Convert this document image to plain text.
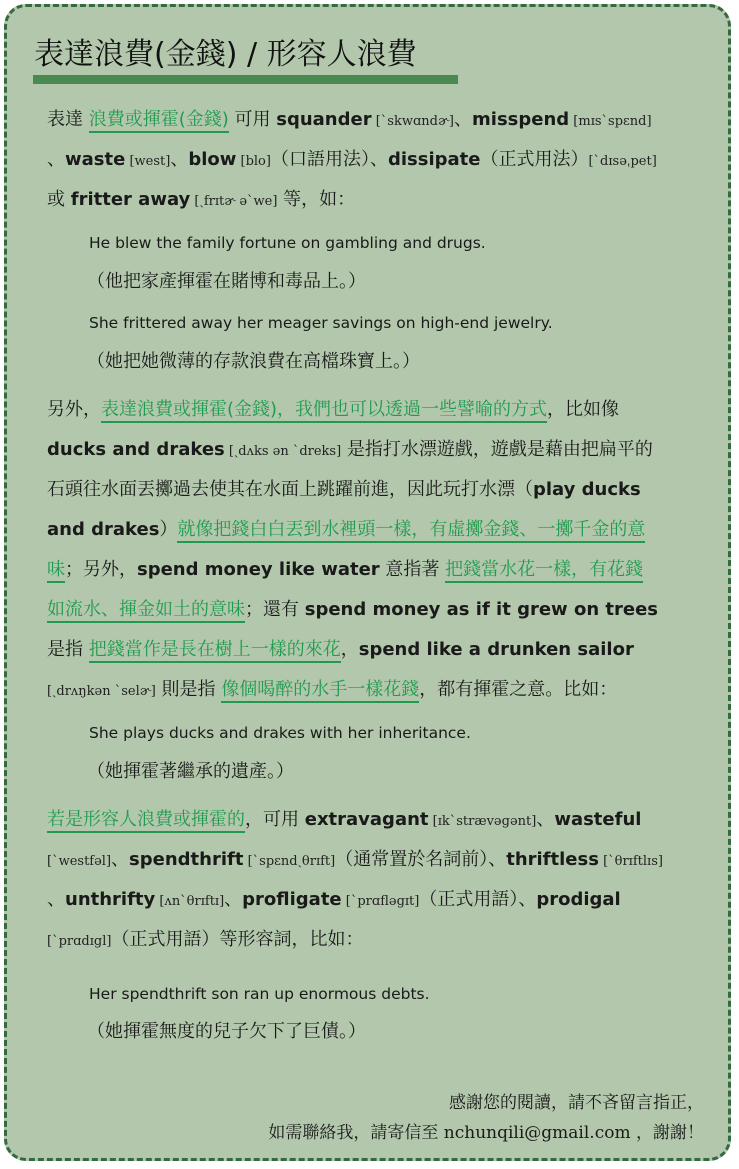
表達浪費(金錢) / 形容人浪費
表達 浪費或揮霍(金錢) 可用 squander [ˋskwɑndɚ]、misspend [mɪsˋspɛnd]
、waste [west]、blow [blo]（口語用法）、dissipate（正式用法）[ˋdɪsəˌpet]
或 fritter away [ˏfrɪtɚ əˋwe] 等，如：
He blew the family fortune on gambling and drugs.
（他把家產揮霍在賭博和毒品上。）
She frittered away her meager savings on high-end jewelry.
（她把她微薄的存款浪費在高檔珠寶上。）
另外，表達浪費或揮霍(金錢)，我們也可以透過一些譬喻的方式，比如像
ducks and drakes [ˏdʌks ən ˋdreks] 是指打水漂遊戲，遊戲是藉由把扁平的
石頭往水面丟擲過去使其在水面上跳躍前進，因此玩打水漂（play ducks
and drakes）就像把錢白白丟到水裡頭一樣，有虛擲金錢、一擲千金的意
味；另外，spend money like water 意指著 把錢當水花一樣，有花錢
如流水、揮金如土的意味；還有 spend money as if it grew on trees
是指 把錢當作是長在樹上一樣的來花，spend like a drunken sailor
[ˏdrʌŋkən ˋselɚ] 則是指 像個喝醉的水手一樣花錢，都有揮霍之意。比如：
She plays ducks and drakes with her inheritance.
（她揮霍著繼承的遺產。）
若是形容人浪費或揮霍的，可用 extravagant [ɪkˋstrævəgənt]、wasteful
[ˋwestfəl]、spendthrift [ˋspɛndˏθrɪft]（通常置於名詞前）、thriftless [ˋθrɪftlɪs]
、unthrifty [ʌnˋθrɪftɪ]、profligate [ˋprɑflәgɪt]（正式用語）、prodigal
[ˋprɑdɪgl]（正式用語）等形容詞，比如：
Her spendthrift son ran up enormous debts.
（她揮霍無度的兒子欠下了巨債。）
感謝您的閱讀，請不吝留言指正，
如需聯絡我，請寄信至 nchunqili@gmail.com ，謝謝！
